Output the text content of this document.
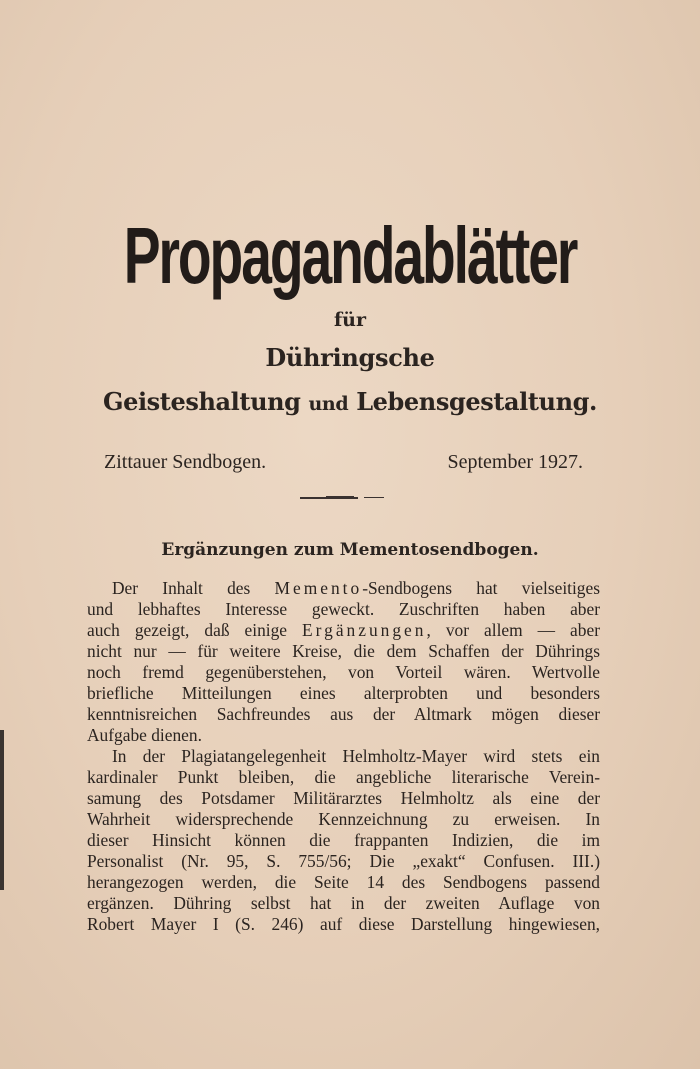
Propagandablätter
für
Dühringsche
Geisteshaltung und Lebensgestaltung.
Zittauer Sendbogen.	September 1927.
Ergänzungen zum Mementosendbogen.
Der Inhalt des Memento-Sendbogens hat vielseitiges
und lebhaftes Interesse geweckt. Zuschriften haben aber
auch gezeigt, daß einige Ergänzungen, vor allem — aber
nicht nur — für weitere Kreise, die dem Schaffen der Dührings
noch fremd gegenüberstehen, von Vorteil wären. Wertvolle
briefliche Mitteilungen eines alterprobten und besonders
kenntnisreichen Sachfreundes aus der Altmark mögen dieser
Aufgabe dienen.
In der Plagiatangelegenheit Helmholtz-Mayer wird stets ein
kardinaler Punkt bleiben, die angebliche literarische Verein-
samung des Potsdamer Militärarztes Helmholtz als eine der
Wahrheit widersprechende Kennzeichnung zu erweisen. In
dieser Hinsicht können die frappanten Indizien, die im
Personalist (Nr. 95, S. 755/56; Die „exakt“ Confusen. III.)
herangezogen werden, die Seite 14 des Sendbogens passend
ergänzen. Dühring selbst hat in der zweiten Auflage von
Robert Mayer I (S. 246) auf diese Darstellung hingewiesen,
